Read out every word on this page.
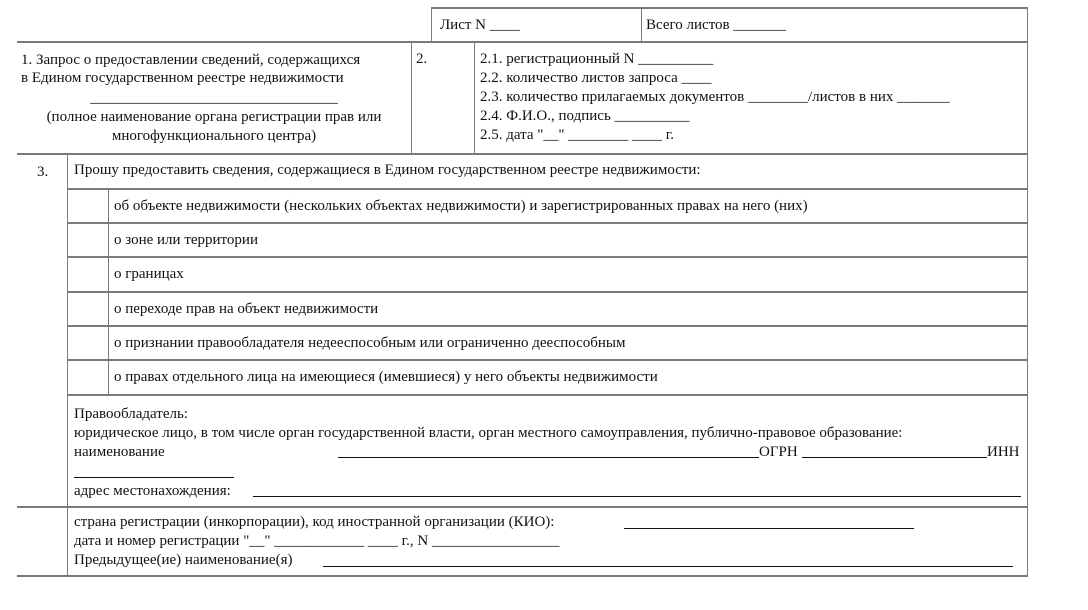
Лист N ____	Всего листов _______
1. Запрос о предоставлении сведений, содержащихся
в Едином государственном реестре недвижимости
_________________________________
(полное наименование органа регистрации прав или
многофункционального центра)
2.	2.1. регистрационный N __________
2.2. количество листов запроса ____
2.3. количество прилагаемых документов ________/листов в них _______
2.4. Ф.И.О., подпись __________
2.5. дата "__" ________ ____ г.
3. Прошу предоставить сведения, содержащиеся в Едином государственном реестре недвижимости:
об объекте недвижимости (нескольких объектах недвижимости) и зарегистрированных правах на него (них)
о зоне или территории
о границах
о переходе прав на объект недвижимости
о признании правообладателя недееспособным или ограниченно дееспособным
о правах отдельного лица на имеющиеся (имевшиеся) у него объекты недвижимости
Правообладатель:
юридическое лицо, в том числе орган государственной власти, орган местного самоуправления, публично-правовое образование:
наименование	ОГРН	ИНН
адрес местонахождения:
страна регистрации (инкорпорации), код иностранной организации (КИО):
дата и номер регистрации "__" ____________ ____ г., N _________________
Предыдущее(ие) наименование(я)
